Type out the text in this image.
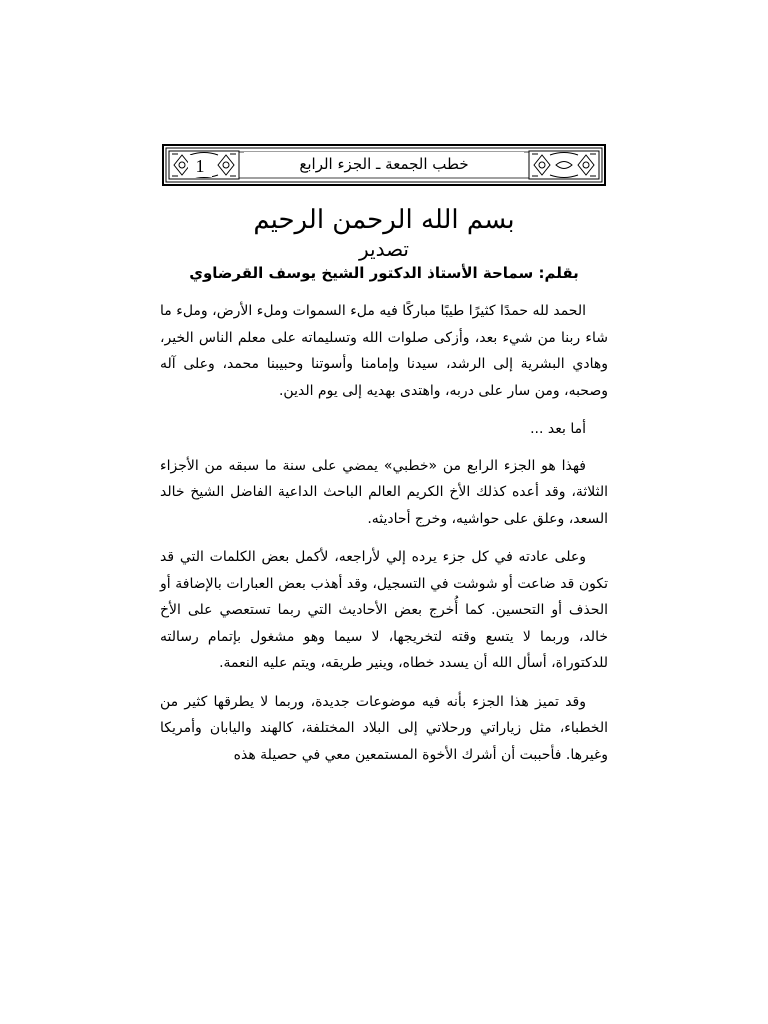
1	خطب الجمعة ـ الجزء الرابع
بسم الله الرحمن الرحيم
تصدير
بقلم: سماحة الأستاذ الدكتور الشيخ يوسف القرضاوي

الحمد لله حمدًا كثيرًا طيبًا مباركًا فيه ملء السموات وملء الأرض، وملء ما شاء ربنا من شيء بعد، وأزكى صلوات الله وتسليماته على معلم الناس الخير، وهادي البشرية إلى الرشد، سيدنا وإمامنا وأسوتنا وحبيبنا محمد، وعلى آله وصحبه، ومن سار على دربه، واهتدى بهديه إلى يوم الدين.

أما بعد ...

فهذا هو الجزء الرابع من «خطبي» يمضي على سنة ما سبقه من الأجزاء الثلاثة، وقد أعده كذلك الأخ الكريم العالم الباحث الداعية الفاضل الشيخ خالد السعد، وعلق على حواشيه، وخرج أحاديثه.

وعلى عادته في كل جزء يرده إلي لأراجعه، لأكمل بعض الكلمات التي قد تكون قد ضاعت أو شوشت في التسجيل، وقد أهذب بعض العبارات بالإضافة أو الحذف أو التحسين. كما أُخرج بعض الأحاديث التي ربما تستعصي على الأخ خالد، وربما لا يتسع وقته لتخريجها، لا سيما وهو مشغول بإتمام رسالته للدكتوراة، أسأل الله أن يسدد خطاه، وينير طريقه، ويتم عليه النعمة.

وقد تميز هذا الجزء بأنه فيه موضوعات جديدة، وربما لا يطرقها كثير من الخطباء، مثل زياراتي ورحلاتي إلى البلاد المختلفة، كالهند واليابان وأمريكا وغيرها. فأحببت أن أشرك الأخوة المستمعين معي في حصيلة هذه
